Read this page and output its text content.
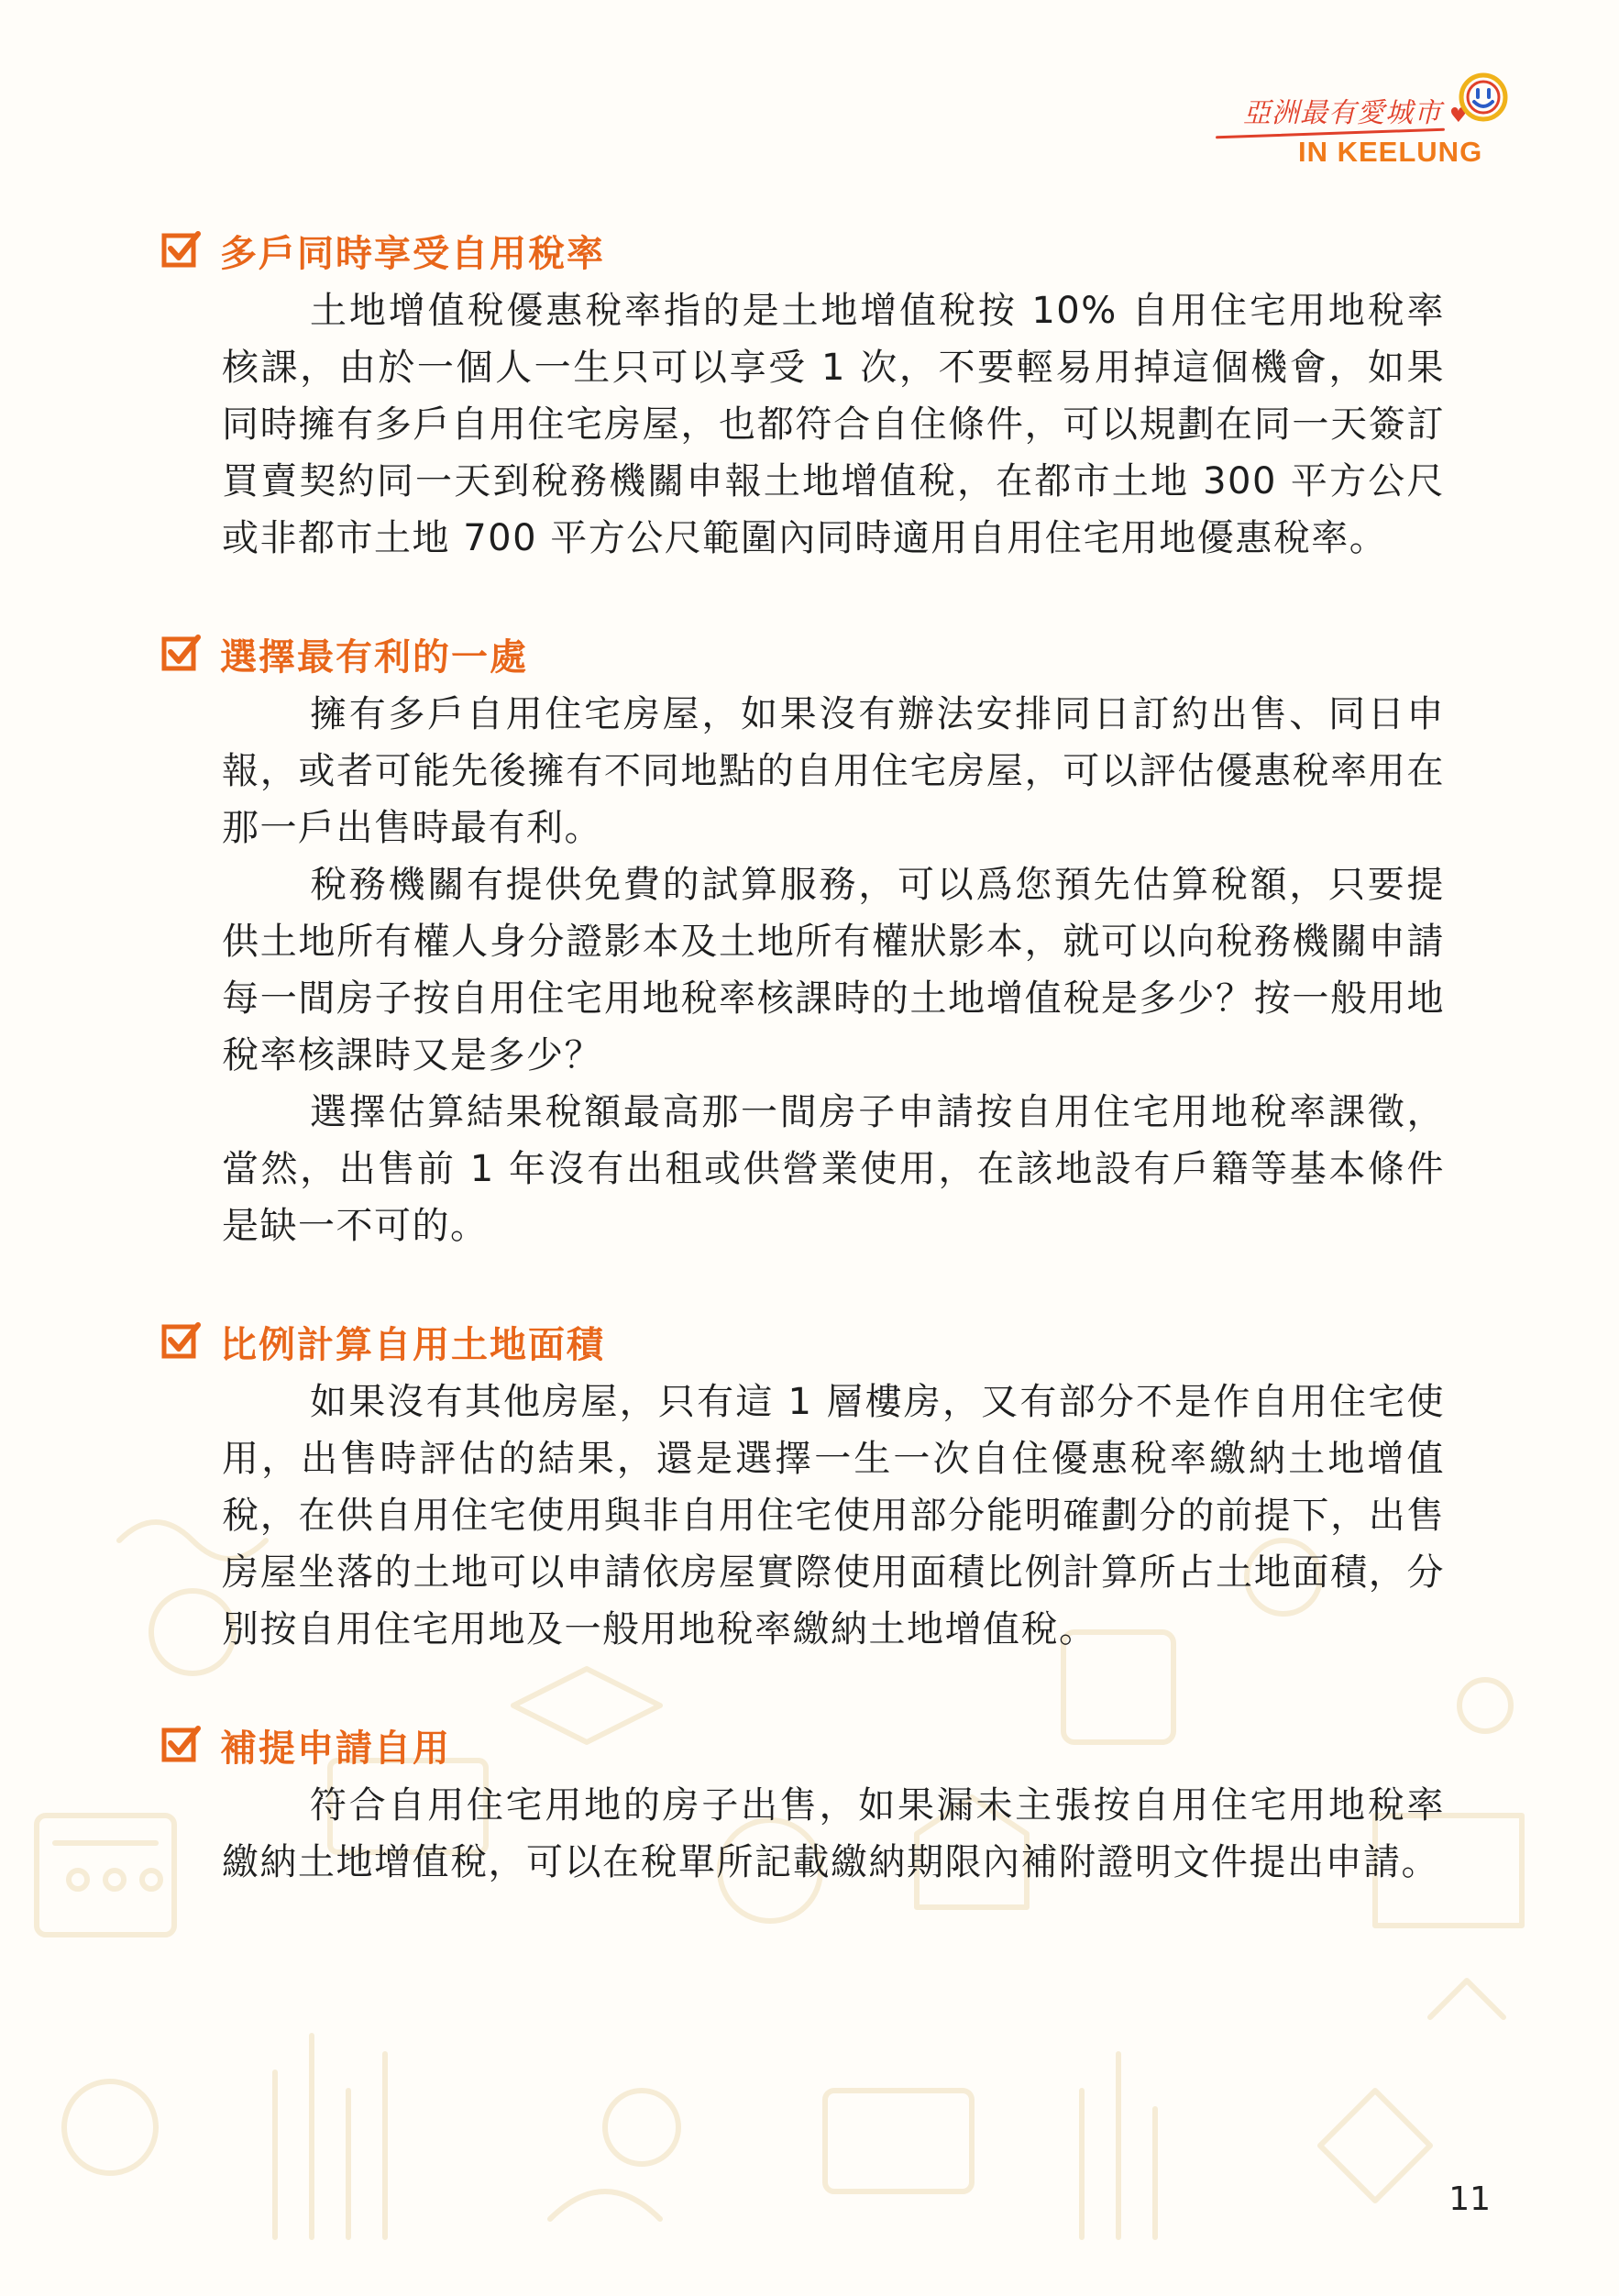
亞洲最有愛城市 ♥
IN KEELUNG
多戶同時享受自用稅率

土地增值稅優惠稅率指的是土地增值稅按 10% 自用住宅用地稅率核課，由於一個人一生只可以享受 1 次，不要輕易用掉這個機會，如果同時擁有多戶自用住宅房屋，也都符合自住條件，可以規劃在同一天簽訂買賣契約同一天到稅務機關申報土地增值稅，在都市土地 300 平方公尺或非都市土地 700 平方公尺範圍內同時適用自用住宅用地優惠稅率。

選擇最有利的一處

擁有多戶自用住宅房屋，如果沒有辦法安排同日訂約出售、同日申報，或者可能先後擁有不同地點的自用住宅房屋，可以評估優惠稅率用在那一戶出售時最有利。

稅務機關有提供免費的試算服務，可以爲您預先估算稅額，只要提供土地所有權人身分證影本及土地所有權狀影本，就可以向稅務機關申請每一間房子按自用住宅用地稅率核課時的土地增值稅是多少？按一般用地稅率核課時又是多少？

選擇估算結果稅額最高那一間房子申請按自用住宅用地稅率課徵，當然，出售前 1 年沒有出租或供營業使用，在該地設有戶籍等基本條件是缺一不可的。

比例計算自用土地面積

如果沒有其他房屋，只有這 1 層樓房，又有部分不是作自用住宅使用，出售時評估的結果，還是選擇一生一次自住優惠稅率繳納土地增值稅，在供自用住宅使用與非自用住宅使用部分能明確劃分的前提下，出售房屋坐落的土地可以申請依房屋實際使用面積比例計算所占土地面積，分別按自用住宅用地及一般用地稅率繳納土地增值稅。

補提申請自用

符合自用住宅用地的房子出售，如果漏未主張按自用住宅用地稅率繳納土地增值稅，可以在稅單所記載繳納期限內補附證明文件提出申請。

11
